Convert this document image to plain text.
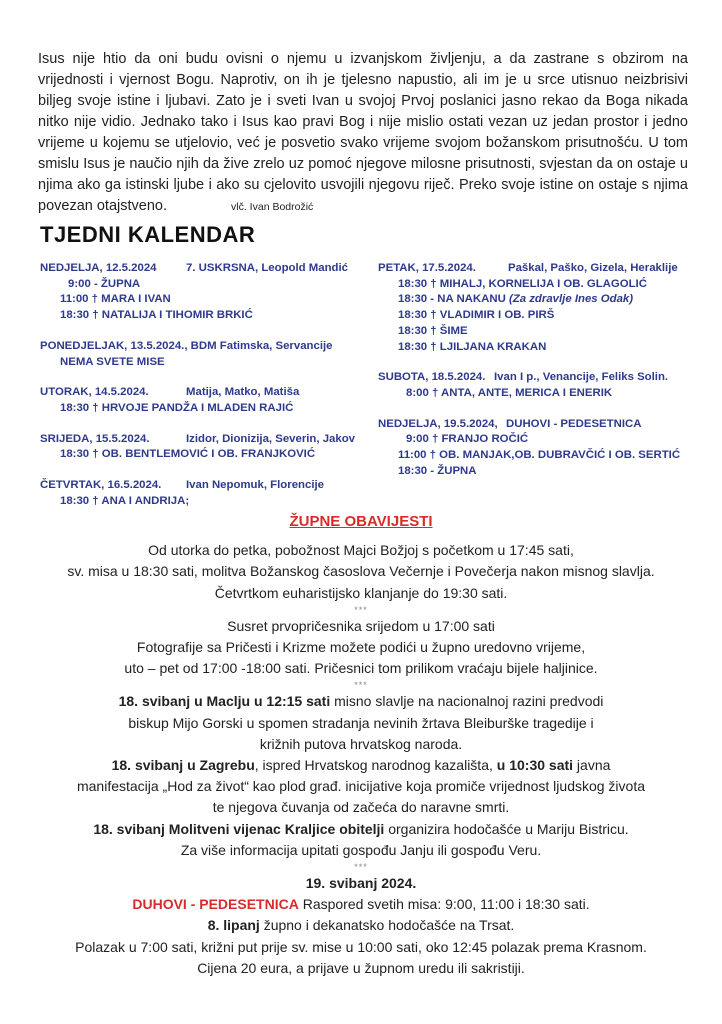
Isus nije htio da oni budu ovisni o njemu u izvanjskom življenju, a da zastrane s obzirom na vrijednosti i vjernost Bogu. Naprotiv, on ih je tjelesno napustio, ali im je u srce utisnuo neizbrisivi biljeg svoje istine i ljubavi. Zato je i sveti Ivan u svojoj Prvoj poslanici jasno rekao da Boga nikada nitko nije vidio. Jednako tako i Isus kao pravi Bog i nije mislio ostati vezan uz jedan prostor i jedno vrijeme u kojemu se utjelovio, već je posvetio svako vrijeme svojom božanskom prisutnošću. U tom smislu Isus je naučio njih da žive zrelo uz pomoć njegove milosne prisutnosti, svjestan da on ostaje u njima ako ga istinski ljube i ako su cjelovito usvojili njegovu riječ. Preko svoje istine on ostaje s njima povezan otajstveno.	vlč. Ivan Bodrožić
TJEDNI KALENDAR
NEDJELJA, 12.5.2024	7. USKRSNA, Leopold Mandić
9:00 - ŽUPNA
11:00 † MARA I IVAN
18:30 † NATALIJA I TIHOMIR BRKIĆ
PONEDJELJAK, 13.5.2024., BDM Fatimska, Servancije
NEMA SVETE MISE
UTORAK, 14.5.2024.	Matija, Matko, Matiša
18:30 † HRVOJE PANDŽA I MLADEN RAJIĆ
SRIJEDA, 15.5.2024.	Izidor, Dionizija, Severin, Jakov
18:30 † OB. BENTLEMOVIĆ I OB. FRANJKOVIĆ
ČETVRTAK, 16.5.2024. Ivan Nepomuk, Florencije
18:30 † ANA I ANDRIJA;
PETAK, 17.5.2024.	Paškal, Paško, Gizela, Heraklije
18:30 † MIHALJ, KORNELIJA I OB. GLAGOLIĆ
18:30 - NA NAKANU (Za zdravlje Ines Odak)
18:30 † VLADIMIR I OB. PIRŠ
18:30 † ŠIME
18:30 † LJILJANA KRAKAN
SUBOTA, 18.5.2024. Ivan I p., Venancije, Feliks Solin.
8:00 † ANTA, ANTE, MERICA I ENERIK
NEDJELJA, 19.5.2024, DUHOVI - PEDESETNICA
9:00 † FRANJO ROČIĆ
11:00 † OB. MANJAK,OB. DUBRAVČIĆ I OB. SERTIĆ
18:30 - ŽUPNA
ŽUPNE OBAVIJESTI
Od utorka do petka, pobožnost Majci Božjoj s početkom u 17:45 sati,
sv. misa u 18:30 sati, molitva Božanskog časoslova Večernje i Povečerja nakon misnog slavlja.
Četvrtkom euharistijsko klanjanje do 19:30 sati.
***
Susret prvopričesnika srijedom u 17:00 sati
Fotografije sa Pričesti i Krizme možete podići u župno uredovno vrijeme,
uto – pet od 17:00 -18:00 sati. Pričesnici tom prilikom vraćaju bijele haljinice.
***
18. svibanj u Maclju u 12:15 sati misno slavlje na nacionalnoj razini predvodi
biskup Mijo Gorski u spomen stradanja nevinih žrtava Bleiburške tragedije i
križnih putova hrvatskog naroda.
18. svibanj u Zagrebu, ispred Hrvatskog narodnog kazališta, u 10:30 sati javna
manifestacija „Hod za život“ kao plod građ. inicijative koja promiče vrijednost ljudskog života
te njegova čuvanja od začeća do naravne smrti.
18. svibanj Molitveni vijenac Kraljice obitelji organizira hodočašće u Mariju Bistricu.
Za više informacija upitati gospođu Janju ili gospođu Veru.
***
19. svibanj 2024.
DUHOVI - PEDESETNICA Raspored svetih misa: 9:00, 11:00 i 18:30 sati.
8. lipanj župno i dekanatsko hodočašće na Trsat.
Polazak u 7:00 sati, križni put prije sv. mise u 10:00 sati, oko 12:45 polazak prema Krasnom.
Cijena 20 eura, a prijave u župnom uredu ili sakristiji.
